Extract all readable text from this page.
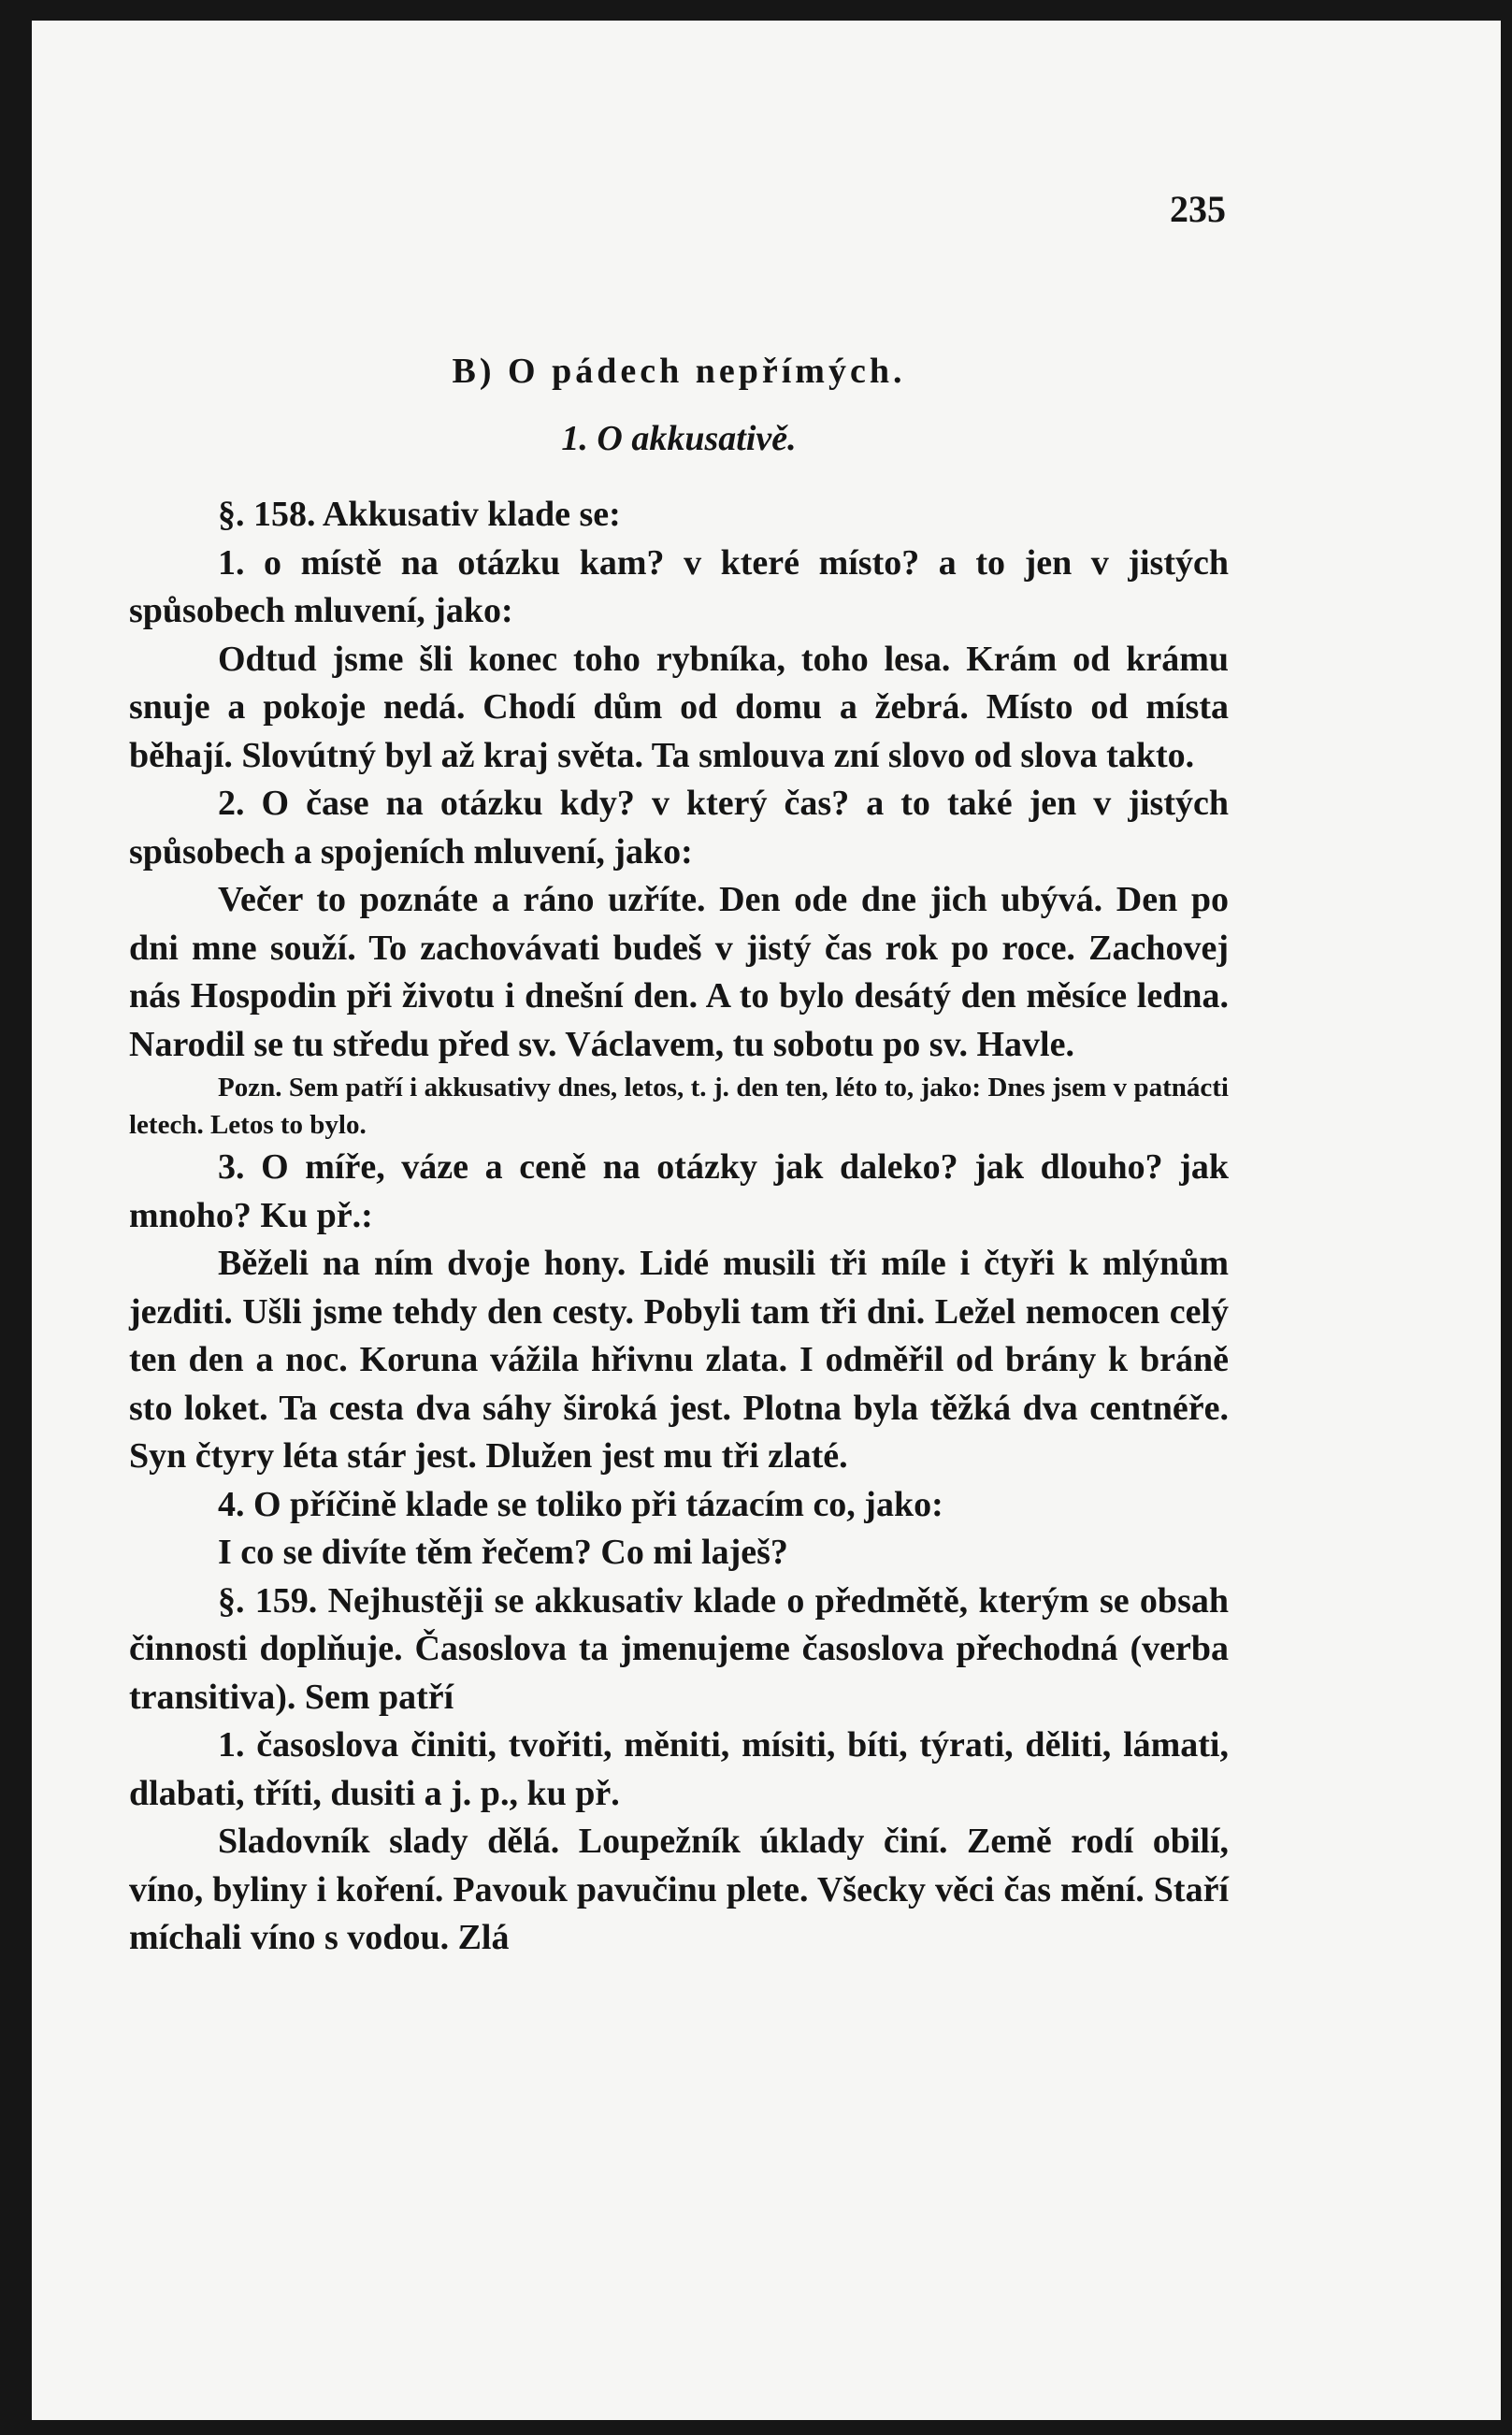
235

B) O pádech nepřímých.

1. O akkusativě.

§. 158. Akkusativ klade se:

1. o místě na otázku kam? v které místo? a to jen v jistých spůsobech mluvení, jako:

Odtud jsme šli konec toho rybníka, toho lesa. Krám od krámu snuje a pokoje nedá. Chodí dům od domu a žebrá. Místo od místa běhají. Slovútný byl až kraj světa. Ta smlouva zní slovo od slova takto.

2. O čase na otázku kdy? v který čas? a to také jen v jistých spůsobech a spojeních mluvení, jako:

Večer to poznáte a ráno uzříte. Den ode dne jich ubývá. Den po dni mne souží. To zachovávati budeš v jistý čas rok po roce. Zachovej nás Hospodin při životu i dnešní den. A to bylo desátý den měsíce ledna. Narodil se tu středu před sv. Václavem, tu sobotu po sv. Havle.

Pozn. Sem patří i akkusativy dnes, letos, t. j. den ten, léto to, jako: Dnes jsem v patnácti letech. Letos to bylo.

3. O míře, váze a ceně na otázky jak daleko? jak dlouho? jak mnoho? Ku př.:

Běželi na ním dvoje hony. Lidé musili tři míle i čtyři k mlýnům jezditi. Ušli jsme tehdy den cesty. Pobyli tam tři dni. Ležel nemocen celý ten den a noc. Koruna vážila hřivnu zlata. I odměřil od brány k bráně sto loket. Ta cesta dva sáhy široká jest. Plotna byla těžká dva centnéře. Syn čtyry léta stár jest. Dlužen jest mu tři zlaté.

4. O příčině klade se toliko při tázacím co, jako:

I co se divíte těm řečem? Co mi laješ?

§. 159. Nejhustěji se akkusativ klade o předmětě, kterým se obsah činnosti doplňuje. Časoslova ta jmenujeme časoslova přechodná (verba transitiva). Sem patří

1. časoslova činiti, tvořiti, měniti, mísiti, bíti, týrati, děliti, lámati, dlabati, tříti, dusiti a j. p., ku př.

Sladovník slady dělá. Loupežník úklady činí. Země rodí obilí, víno, byliny i koření. Pavouk pavučinu plete. Všecky věci čas mění. Staří míchali víno s vodou. Zlá
